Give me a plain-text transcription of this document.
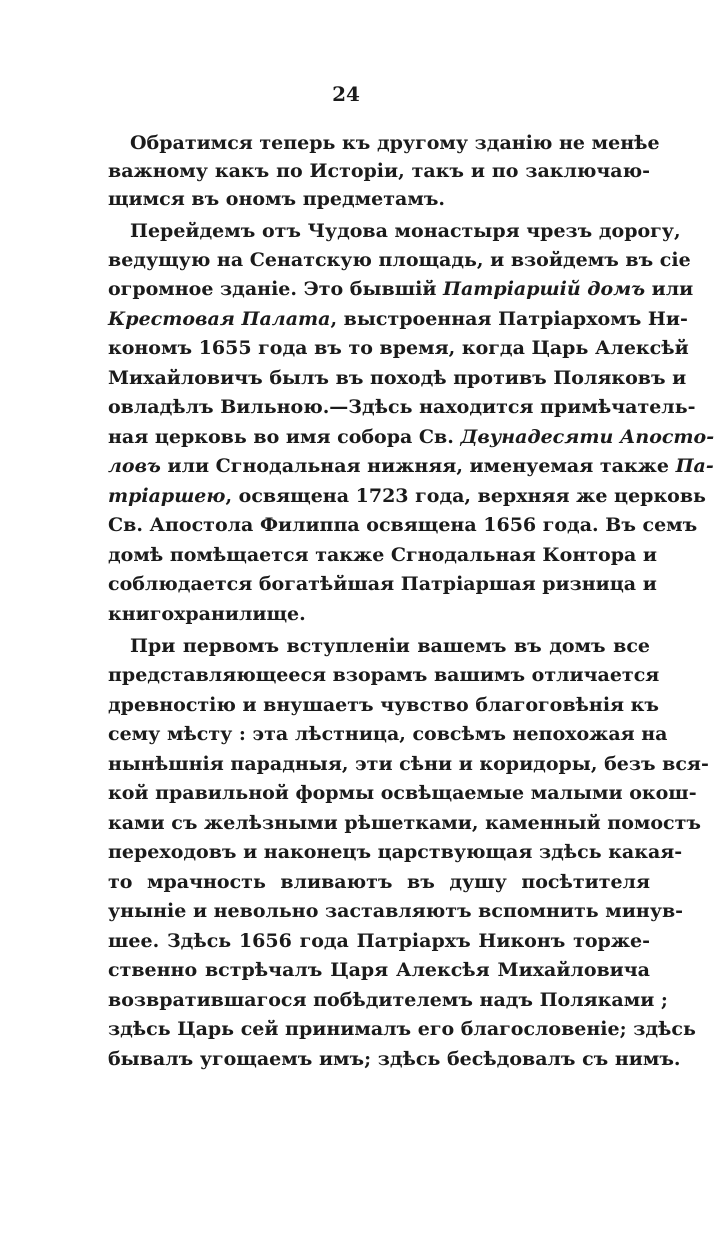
24
Обратимся теперь къ другому зданію не менѣе
важному какъ по Исторіи, такъ и по заключаю-
щимся въ ономъ предметамъ.
Перейдемъ отъ Чудова монастыря чрезъ дорогу,
ведущую на Сенатскую площадь, и взойдемъ въ сіе
огромное зданіе. Это бывшій Патріаршій домъ или
Крестовая Палата, выстроенная Патріархомъ Ни-
кономъ 1655 года въ то время, когда Царь Алексѣй
Михайловичъ былъ въ походѣ противъ Поляковъ и
овладѣлъ Вильною.—Здѣсь находится примѣчатель-
ная церковь во имя собора Св. Двунадесяти Апосто-
ловъ или Сгнодальная нижняя, именуемая также Па-
тріаршею, освящена 1723 года, верхняя же церковь
Св. Апостола Филиппа освящена 1656 года. Въ семъ
домѣ помѣщается также Сгнодальная Контора и
соблюдается богатѣйшая Патріаршая ризница и
книгохранилище.
При первомъ вступленіи вашемъ въ домъ все
представляющееся взорамъ вашимъ отличается
древностію и внушаетъ чувство благоговѣнія къ
сему мѣсту : эта лѣстница, совсѣмъ непохожая на
нынѣшнія парадныя, эти сѣни и коридоры, безъ вся-
кой правильной формы освѣщаемые малыми окош-
ками съ желѣзными рѣшетками, каменный помостъ
переходовъ и наконецъ царствующая здѣсь какая-
то мрачность вливаютъ въ душу посѣтителя
уныніе и невольно заставляютъ вспомнить минув-
шее. Здѣсь 1656 года Патріархъ Никонъ торже-
ственно встрѣчалъ Царя Алексѣя Михайловича
возвратившагося побѣдителемъ надъ Поляками ;
здѣсь Царь сей принималъ его благословеніе; здѣсь
бывалъ угощаемъ имъ; здѣсь бесѣдовалъ съ нимъ.
